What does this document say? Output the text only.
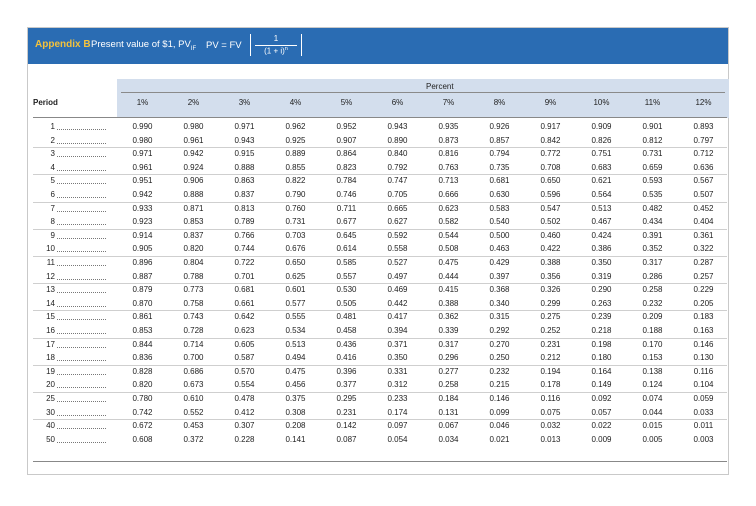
Appendix B Present value of $1, $PV_{IF}$ PV = FV
1
$(1 + i)^n$
Percent
Period	1%	2%	3%	4%	5%	6%	7%	8%	9%	10%	11%	12%
1	0.990	0.980	0.971	0.962	0.952	0.943	0.935	0.926	0.917	0.909	0.901	0.893
2	0.980	0.961	0.943	0.925	0.907	0.890	0.873	0.857	0.842	0.826	0.812	0.797
3	0.971	0.942	0.915	0.889	0.864	0.840	0.816	0.794	0.772	0.751	0.731	0.712
4	0.961	0.924	0.888	0.855	0.823	0.792	0.763	0.735	0.708	0.683	0.659	0.636
5	0.951	0.906	0.863	0.822	0.784	0.747	0.713	0.681	0.650	0.621	0.593	0.567
6	0.942	0.888	0.837	0.790	0.746	0.705	0.666	0.630	0.596	0.564	0.535	0.507
7	0.933	0.871	0.813	0.760	0.711	0.665	0.623	0.583	0.547	0.513	0.482	0.452
8	0.923	0.853	0.789	0.731	0.677	0.627	0.582	0.540	0.502	0.467	0.434	0.404
9	0.914	0.837	0.766	0.703	0.645	0.592	0.544	0.500	0.460	0.424	0.391	0.361
10	0.905	0.820	0.744	0.676	0.614	0.558	0.508	0.463	0.422	0.386	0.352	0.322
11	0.896	0.804	0.722	0.650	0.585	0.527	0.475	0.429	0.388	0.350	0.317	0.287
12	0.887	0.788	0.701	0.625	0.557	0.497	0.444	0.397	0.356	0.319	0.286	0.257
13	0.879	0.773	0.681	0.601	0.530	0.469	0.415	0.368	0.326	0.290	0.258	0.229
14	0.870	0.758	0.661	0.577	0.505	0.442	0.388	0.340	0.299	0.263	0.232	0.205
15	0.861	0.743	0.642	0.555	0.481	0.417	0.362	0.315	0.275	0.239	0.209	0.183
16	0.853	0.728	0.623	0.534	0.458	0.394	0.339	0.292	0.252	0.218	0.188	0.163
17	0.844	0.714	0.605	0.513	0.436	0.371	0.317	0.270	0.231	0.198	0.170	0.146
18	0.836	0.700	0.587	0.494	0.416	0.350	0.296	0.250	0.212	0.180	0.153	0.130
19	0.828	0.686	0.570	0.475	0.396	0.331	0.277	0.232	0.194	0.164	0.138	0.116
20	0.820	0.673	0.554	0.456	0.377	0.312	0.258	0.215	0.178	0.149	0.124	0.104
25	0.780	0.610	0.478	0.375	0.295	0.233	0.184	0.146	0.116	0.092	0.074	0.059
30	0.742	0.552	0.412	0.308	0.231	0.174	0.131	0.099	0.075	0.057	0.044	0.033
40	0.672	0.453	0.307	0.208	0.142	0.097	0.067	0.046	0.032	0.022	0.015	0.011
50	0.608	0.372	0.228	0.141	0.087	0.054	0.034	0.021	0.013	0.009	0.005	0.003
